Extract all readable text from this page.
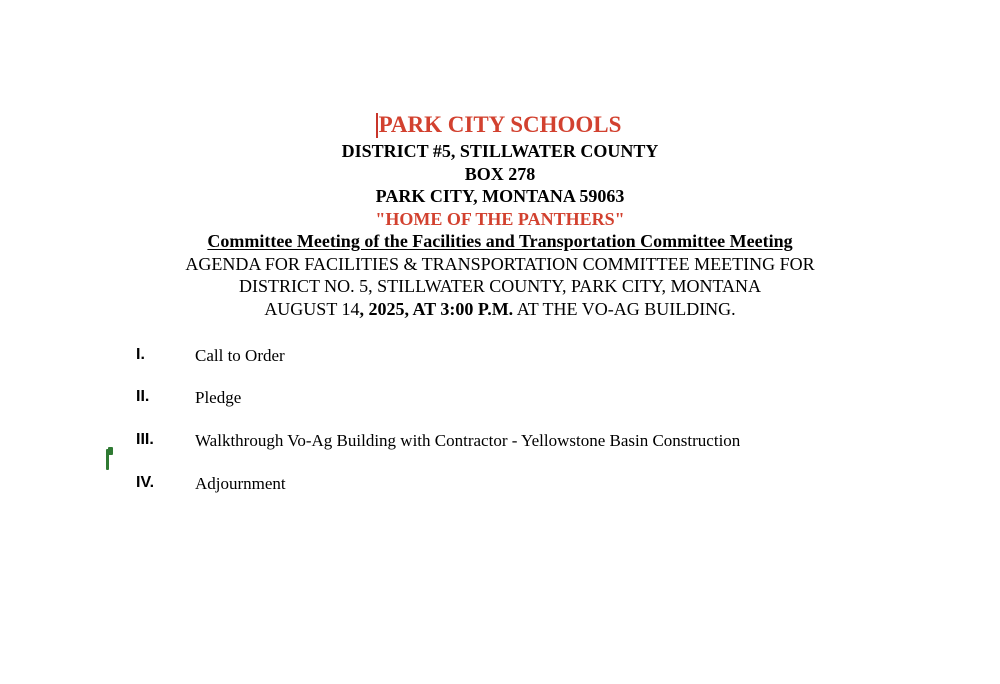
PARK CITY SCHOOLS
DISTRICT #5, STILLWATER COUNTY
BOX 278
PARK CITY, MONTANA 59063
"HOME OF THE PANTHERS"
Committee Meeting of the Facilities and Transportation Committee Meeting
AGENDA FOR FACILITIES & TRANSPORTATION COMMITTEE MEETING FOR
DISTRICT NO. 5, STILLWATER COUNTY, PARK CITY, MONTANA
AUGUST 14, 2025, AT 3:00 P.M. AT THE VO-AG BUILDING.
I.	Call to Order
II.	Pledge
III. Walkthrough Vo-Ag Building with Contractor - Yellowstone Basin Construction
IV. Adjournment
